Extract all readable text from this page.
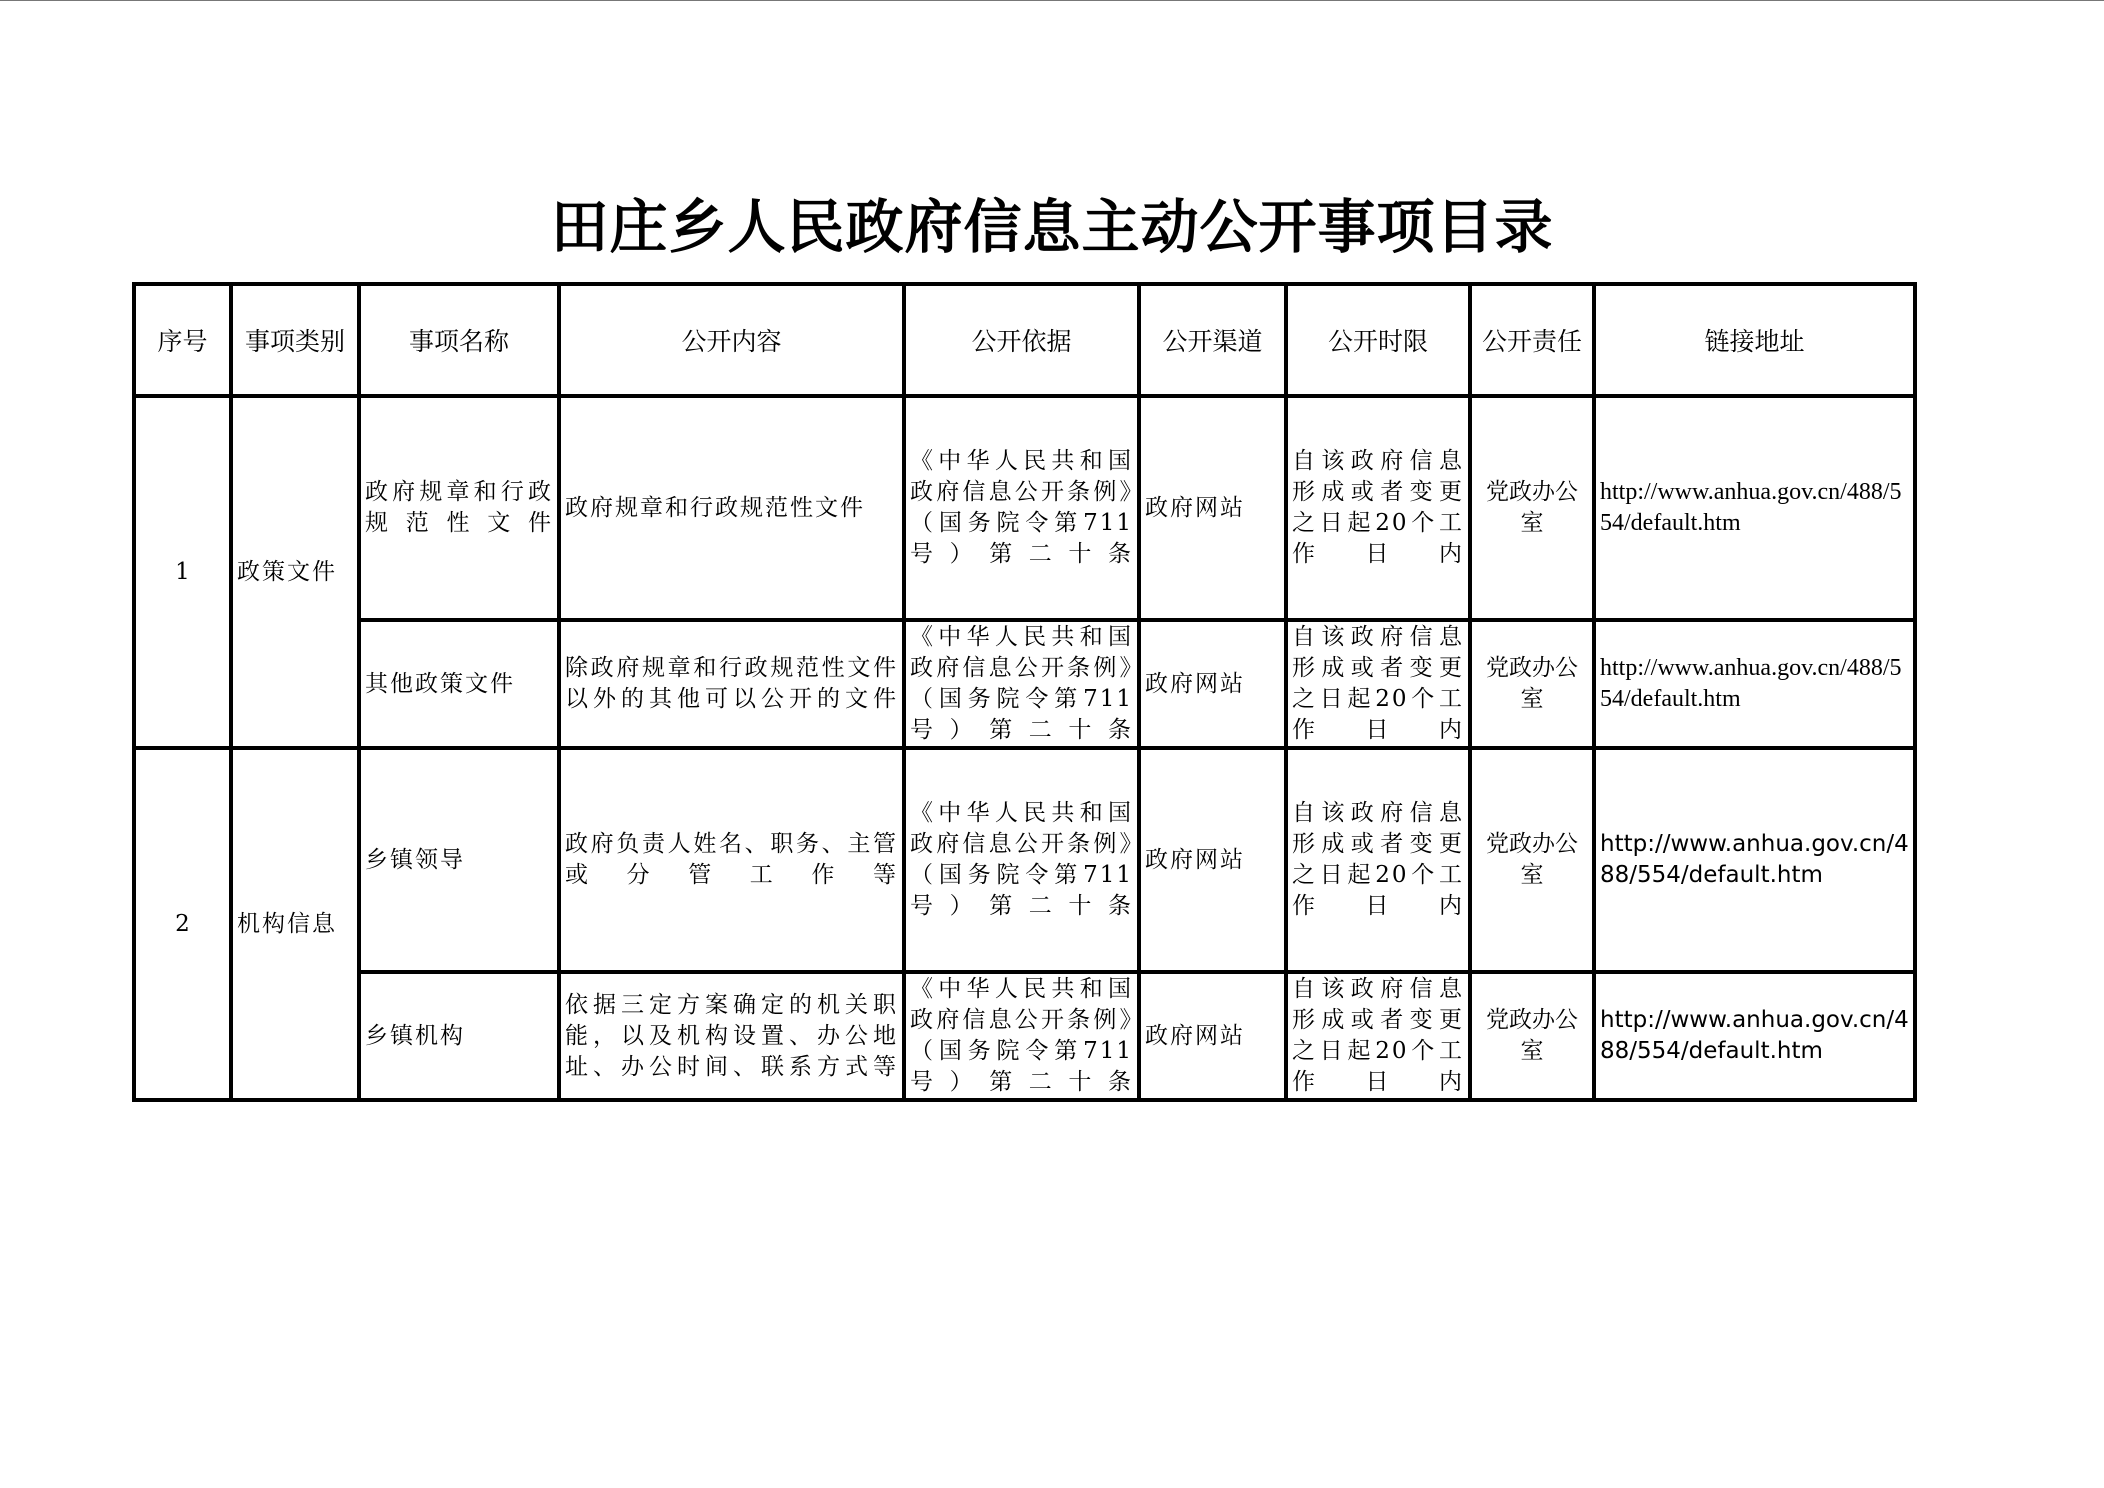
田庄乡人民政府信息主动公开事项目录
序号	事项类别	事项名称	公开内容	公开依据	公开渠道	公开时限	公开责任	链接地址
1	政策文件	政府规章和行政规范性文件	政府规章和行政规范性文件	《中华人民共和国政府信息公开条例》（国务院令第711号）第二十条	政府网站	自该政府信息形成或者变更之日起20个工作日内	党政办公室	http://www.anhua.gov.cn/488/554/default.htm
		其他政策文件	除政府规章和行政规范性文件以外的其他可以公开的文件	《中华人民共和国政府信息公开条例》（国务院令第711号）第二十条	政府网站	自该政府信息形成或者变更之日起20个工作日内	党政办公室	http://www.anhua.gov.cn/488/554/default.htm
2	机构信息	乡镇领导	政府负责人姓名、职务、主管或分管工作等	《中华人民共和国政府信息公开条例》（国务院令第711号）第二十条	政府网站	自该政府信息形成或者变更之日起20个工作日内	党政办公室	http://www.anhua.gov.cn/488/554/default.htm
		乡镇机构	依据三定方案确定的机关职能，以及机构设置、办公地址、办公时间、联系方式等	《中华人民共和国政府信息公开条例》（国务院令第711号）第二十条	政府网站	自该政府信息形成或者变更之日起20个工作日内	党政办公室	http://www.anhua.gov.cn/488/554/default.htm
